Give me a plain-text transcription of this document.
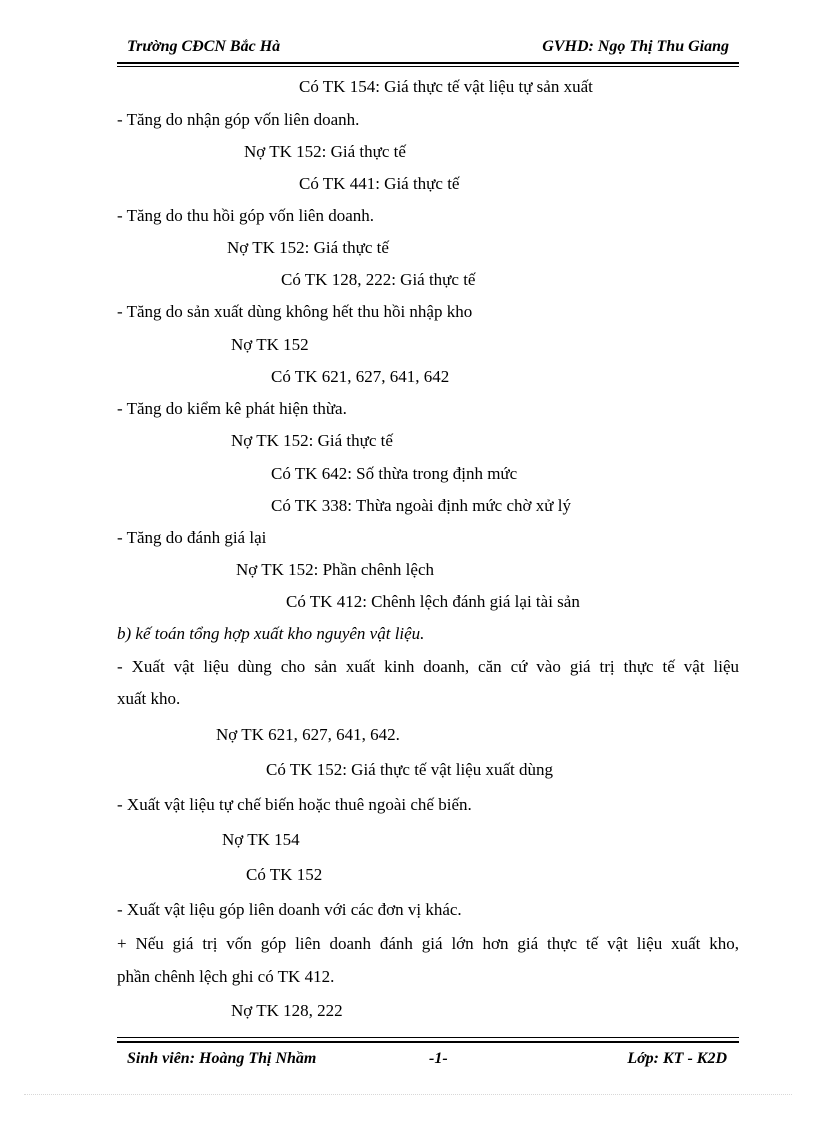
Trường CĐCN Bắc Hà	GVHD: Ngọ Thị Thu Giang
Có TK 154: Giá thực tế vật liệu tự sản xuất
- Tăng do nhận góp vốn liên doanh.
Nợ TK 152: Giá thực tế
Có TK 441: Giá thực tế
- Tăng do thu hồi góp vốn liên doanh.
Nợ TK 152: Giá thực tế
Có TK 128, 222: Giá thực tế
- Tăng do sản xuất dùng không hết thu hồi nhập kho
Nợ TK 152
Có TK 621, 627, 641, 642
- Tăng do kiểm kê phát hiện thừa.
Nợ TK 152: Giá thực tế
Có TK 642: Số thừa trong định mức
Có TK 338: Thừa ngoài định mức chờ xử lý
- Tăng do đánh giá lại
Nợ TK 152: Phần chênh lệch
Có TK 412: Chênh lệch đánh giá lại tài sản
b) kế toán tổng hợp xuất kho nguyên vật liệu.
- Xuất vật liệu dùng cho sản xuất kinh doanh, căn cứ vào giá trị thực tế vật liệu
xuất kho.
Nợ TK 621, 627, 641, 642.
Có TK 152: Giá thực tế vật liệu xuất dùng
- Xuất vật liệu tự chế biến hoặc thuê ngoài chế biến.
Nợ TK 154
Có TK 152
- Xuất vật liệu góp liên doanh với các đơn vị khác.
+ Nếu giá trị vốn góp liên doanh đánh giá lớn hơn giá thực tế vật liệu xuất kho,
phần chênh lệch ghi có TK 412.
Nợ TK 128, 222
Sinh viên: Hoàng Thị Nhầm	-1-	Lớp: KT - K2D
